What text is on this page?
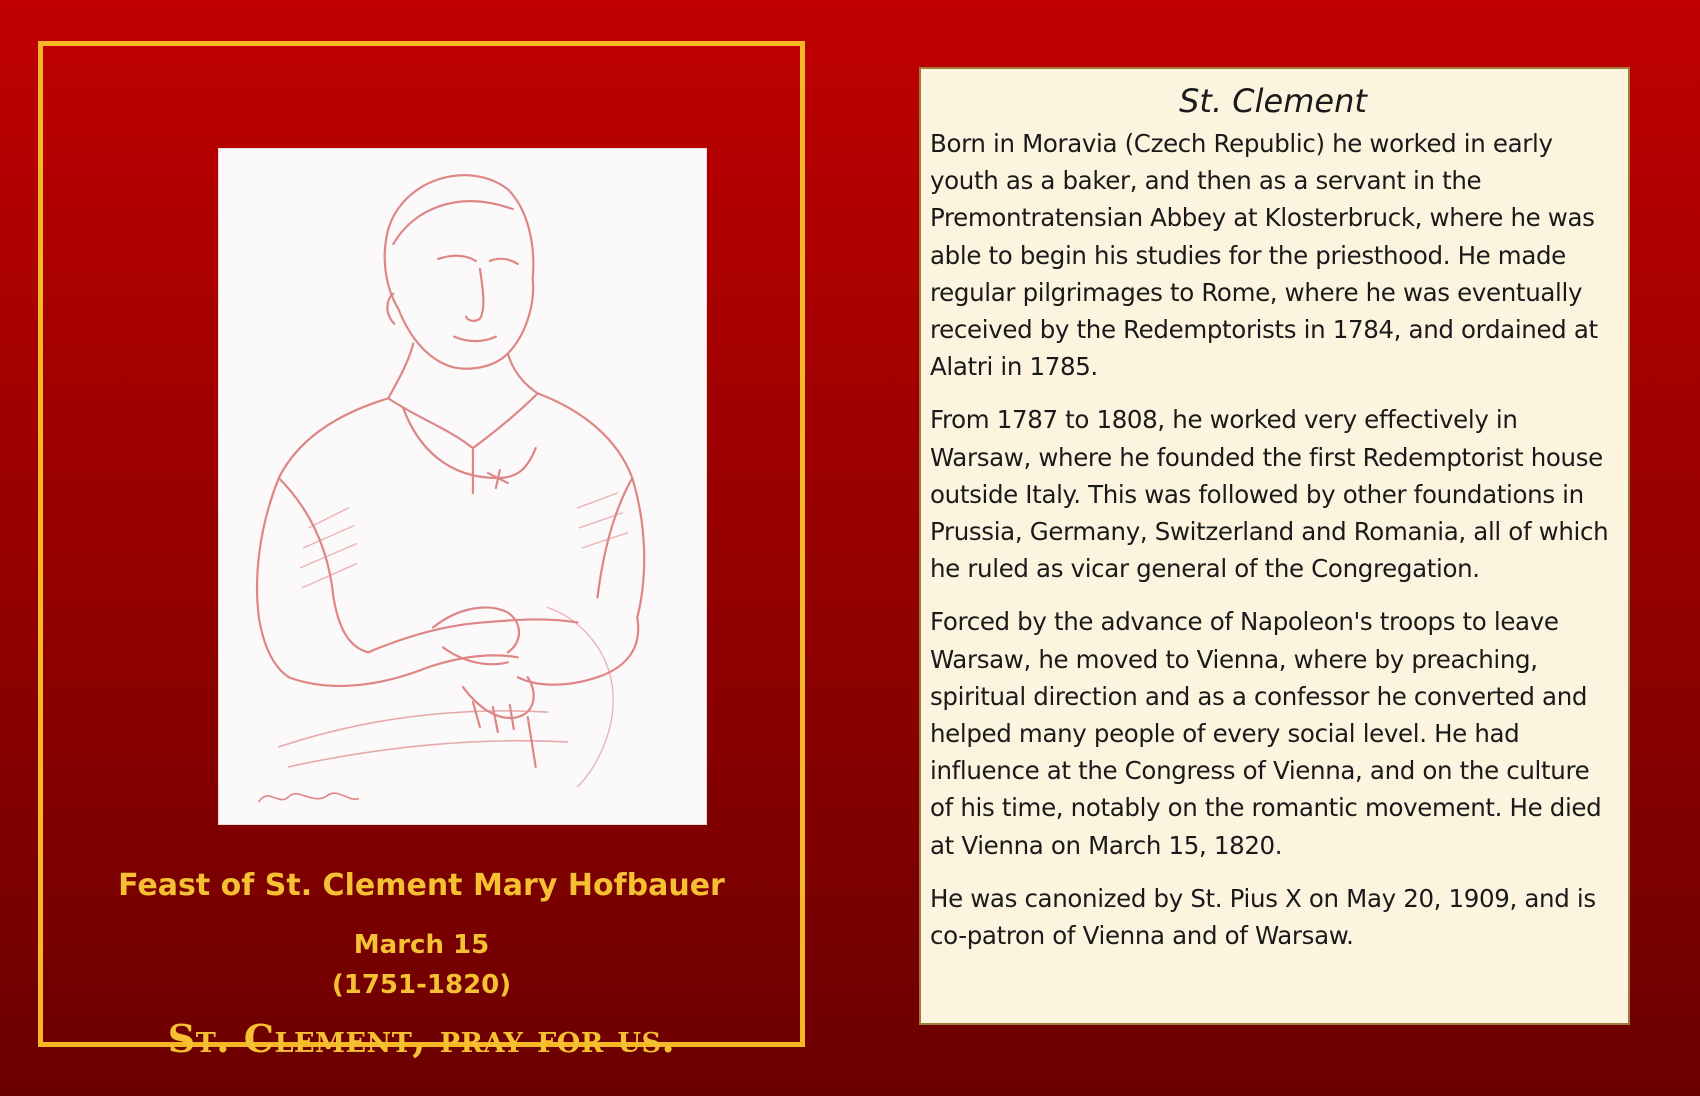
Feast of St. Clement Mary Hofbauer
March 15
(1751-1820)
St. Clement, pray for us.
St. Clement

Born in Moravia (Czech Republic) he worked in early youth as a baker, and then as a servant in the Premontratensian Abbey at Klosterbruck, where he was able to begin his studies for the priesthood. He made regular pilgrimages to Rome, where he was eventually received by the Redemptorists in 1784, and ordained at Alatri in 1785.

From 1787 to 1808, he worked very effectively in Warsaw, where he founded the first Redemptorist house outside Italy. This was followed by other foundations in Prussia, Germany, Switzerland and Romania, all of which he ruled as vicar general of the Congregation.

Forced by the advance of Napoleon's troops to leave Warsaw, he moved to Vienna, where by preaching, spiritual direction and as a confessor he converted and helped many people of every social level. He had influence at the Congress of Vienna, and on the culture of his time, notably on the romantic movement. He died at Vienna on March 15, 1820.

He was canonized by St. Pius X on May 20, 1909, and is co-patron of Vienna and of Warsaw.
